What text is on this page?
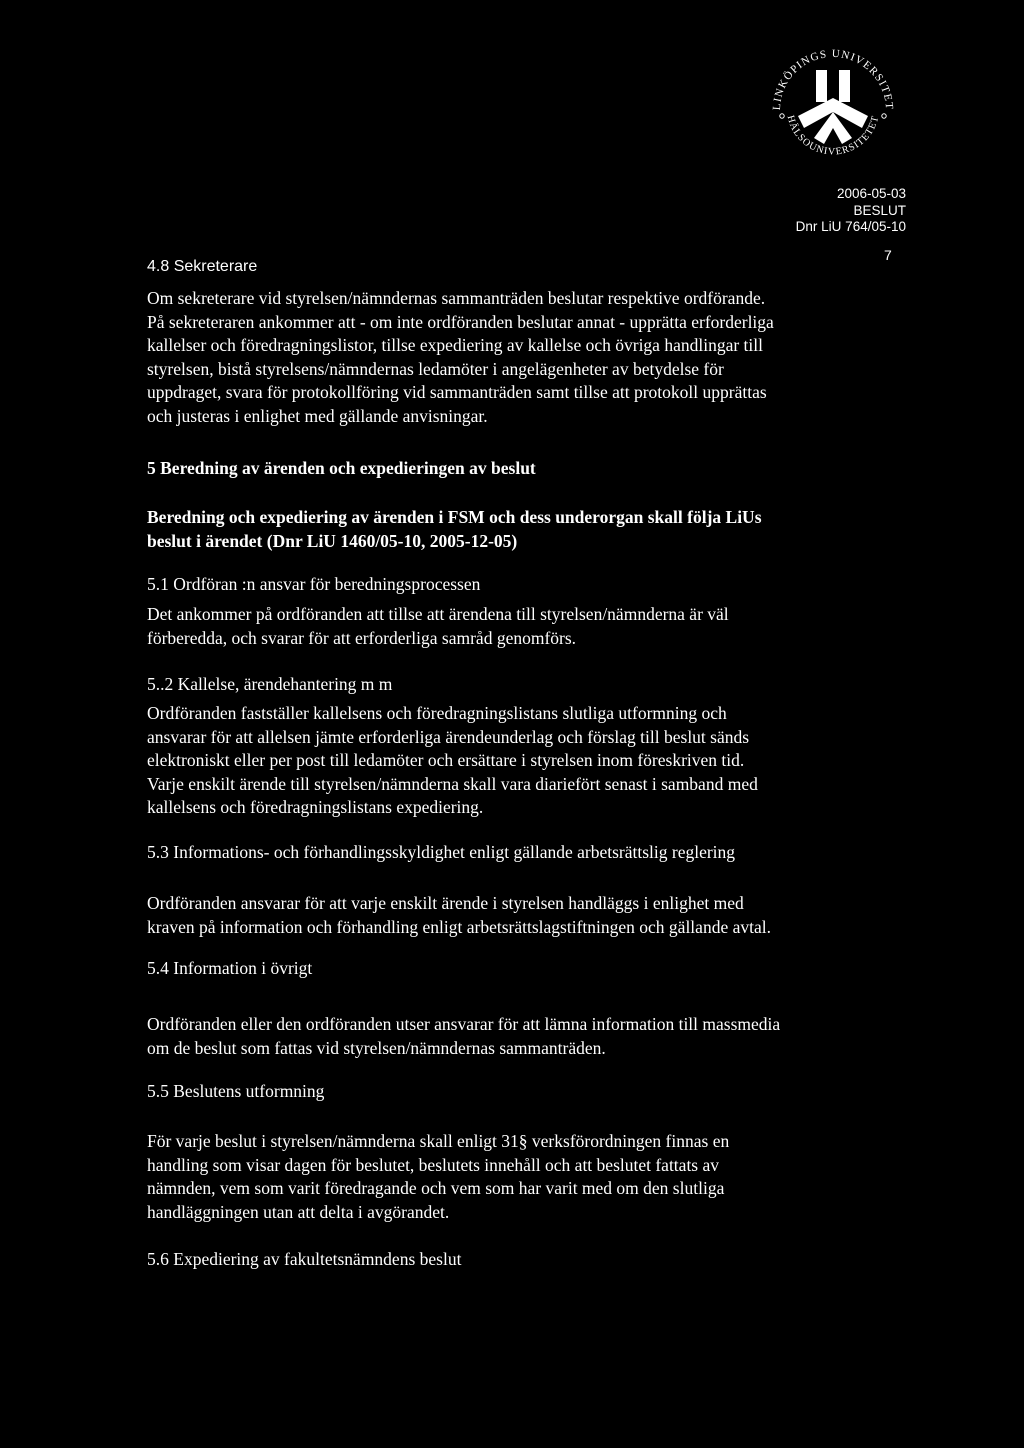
LINKÖPINGS UNIVERSITET
HÄLSOUNIVERSITETET
2006-05-03
BESLUT
Dnr LiU 764/05-10
7
4.8 Sekreterare
Om sekreterare vid styrelsen/nämndernas sammanträden beslutar respektive ordförande.
På sekreteraren ankommer att - om inte ordföranden beslutar annat - upprätta erforderliga
kallelser och föredragningslistor, tillse expediering av kallelse och övriga handlingar till
styrelsen, bistå styrelsens/nämndernas ledamöter i angelägenheter av betydelse för
uppdraget, svara för protokollföring vid sammanträden samt tillse att protokoll upprättas
och justeras i enlighet med gällande anvisningar.
5 Beredning av ärenden och expedieringen av beslut
Beredning och expediering av ärenden i FSM och dess underorgan skall följa LiUs
beslut i ärendet (Dnr LiU 1460/05-10, 2005-12-05)
5.1 Ordföran :n ansvar för beredningsprocessen
Det ankommer på ordföranden att tillse att ärendena till styrelsen/nämnderna är väl
förberedda, och svarar för att erforderliga samråd genomförs.
5..2 Kallelse, ärendehantering m m
Ordföranden fastställer kallelsens och föredragningslistans slutliga utformning och
ansvarar för att allelsen jämte erforderliga ärendeunderlag och förslag till beslut sänds
elektroniskt eller per post till ledamöter och ersättare i styrelsen inom föreskriven tid.
Varje enskilt ärende till styrelsen/nämnderna skall vara diariefört senast i samband med
kallelsens och föredragningslistans expediering.
5.3 Informations- och förhandlingsskyldighet enligt gällande arbetsrättslig reglering
Ordföranden ansvarar för att varje enskilt ärende i styrelsen handläggs i enlighet med
kraven på information och förhandling enligt arbetsrättslagstiftningen och gällande avtal.
5.4 Information i övrigt
Ordföranden eller den ordföranden utser ansvarar för att lämna information till massmedia
om de beslut som fattas vid styrelsen/nämndernas sammanträden.
5.5 Beslutens utformning
För varje beslut i styrelsen/nämnderna skall enligt 31§ verksförordningen finnas en
handling som visar dagen för beslutet, beslutets innehåll och att beslutet fattats av
nämnden, vem som varit föredragande och vem som har varit med om den slutliga
handläggningen utan att delta i avgörandet.
5.6 Expediering av fakultetsnämndens beslut
